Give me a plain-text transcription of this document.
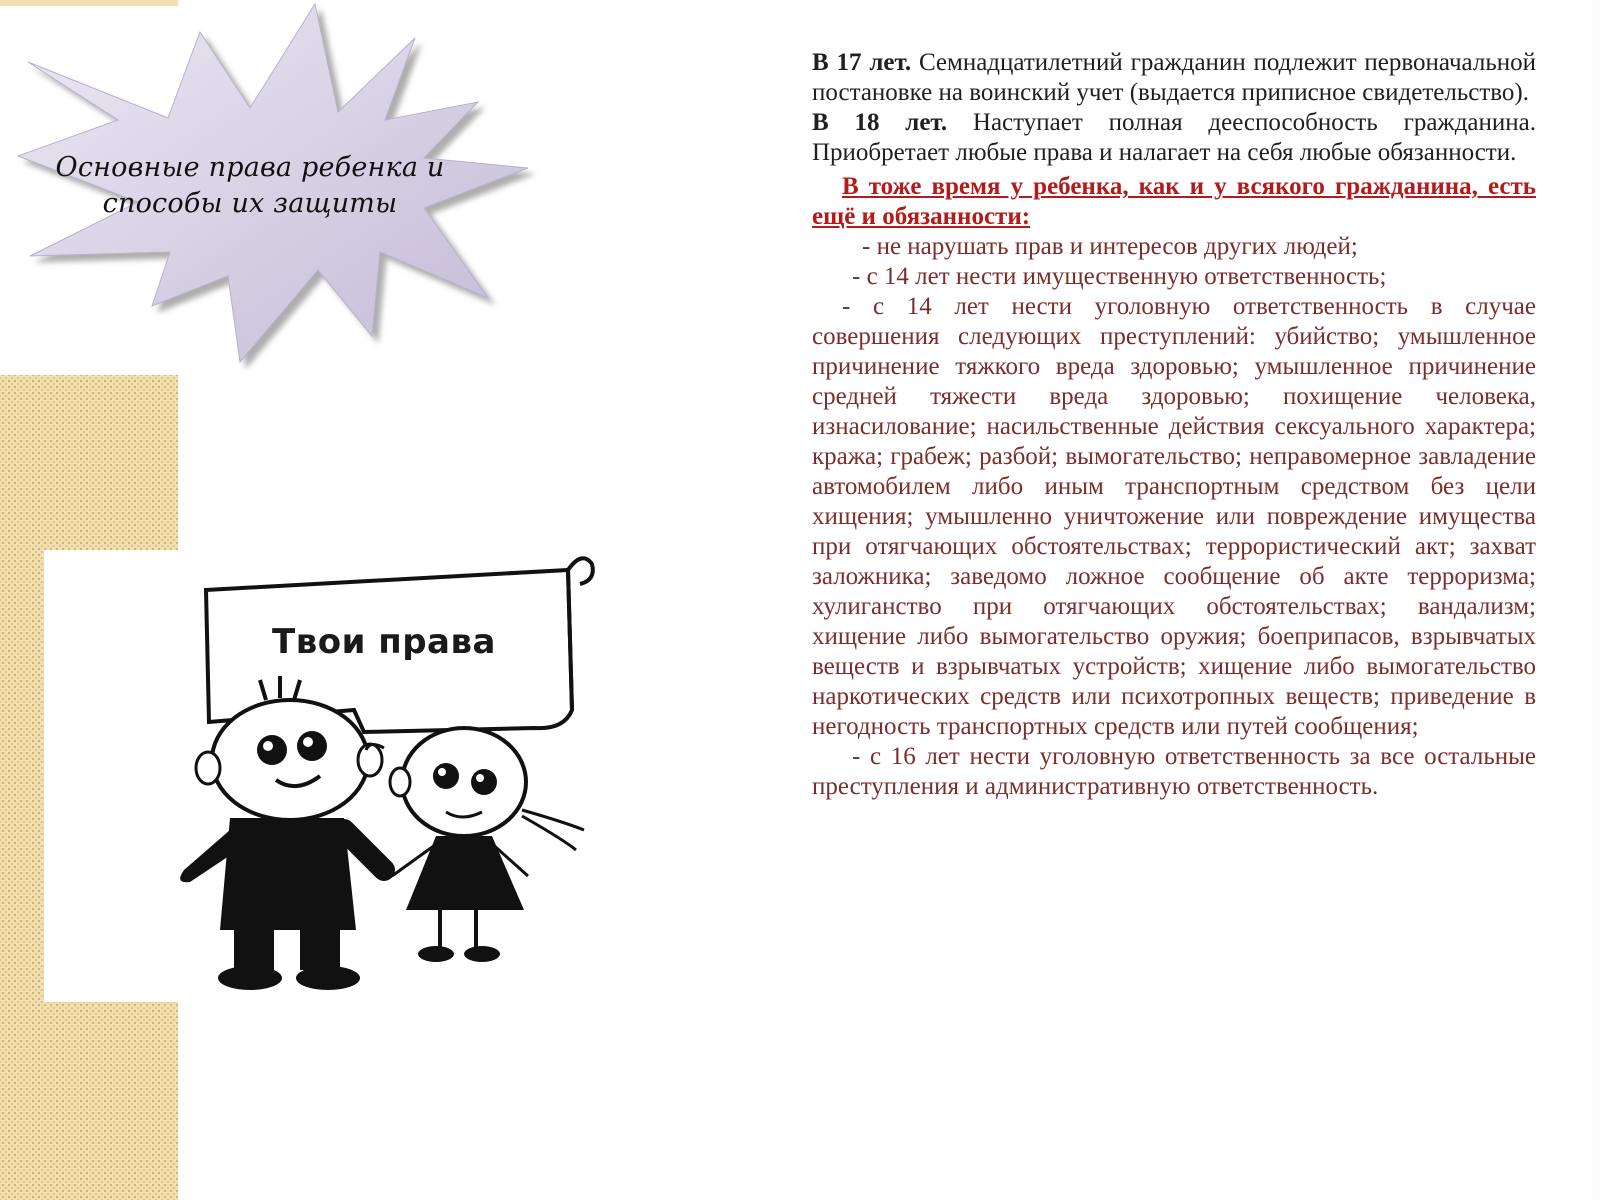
Основные права ребенка и
способы их защиты
Твои права

В 17 лет. Семнадцатилетний гражданин подлежит первоначальной постановке на воинский учет (выдается приписное свидетельство).

В 18 лет. Наступает полная дееспособность гражданина. Приобретает любые права и налагает на себя любые обязанности.

В тоже время у ребенка, как и у всякого гражданина, есть ещё и обязанности:

- не нарушать прав и интересов других людей;

- с 14 лет нести имущественную ответственность;

- с 14 лет нести уголовную ответственность в случае совершения следующих преступлений: убийство; умышленное причинение тяжкого вреда здоровью; умышленное причинение средней тяжести вреда здоровью; похищение человека, изнасилование; насильственные действия сексуального характера; кража; грабеж; разбой; вымогательство; неправомерное завладение автомобилем либо иным транспортным средством без цели хищения; умышленно уничтожение или повреждение имущества при отягчающих обстоятельствах; террористический акт; захват заложника; заведомо ложное сообщение об акте терроризма; хулиганство при отягчающих обстоятельствах; вандализм; хищение либо вымогательство оружия; боеприпасов, взрывчатых веществ и взрывчатых устройств; хищение либо вымогательство наркотических средств или психотропных веществ; приведение в негодность транспортных средств или путей сообщения;

- с 16 лет нести уголовную ответственность за все остальные преступления и административную ответственность.
